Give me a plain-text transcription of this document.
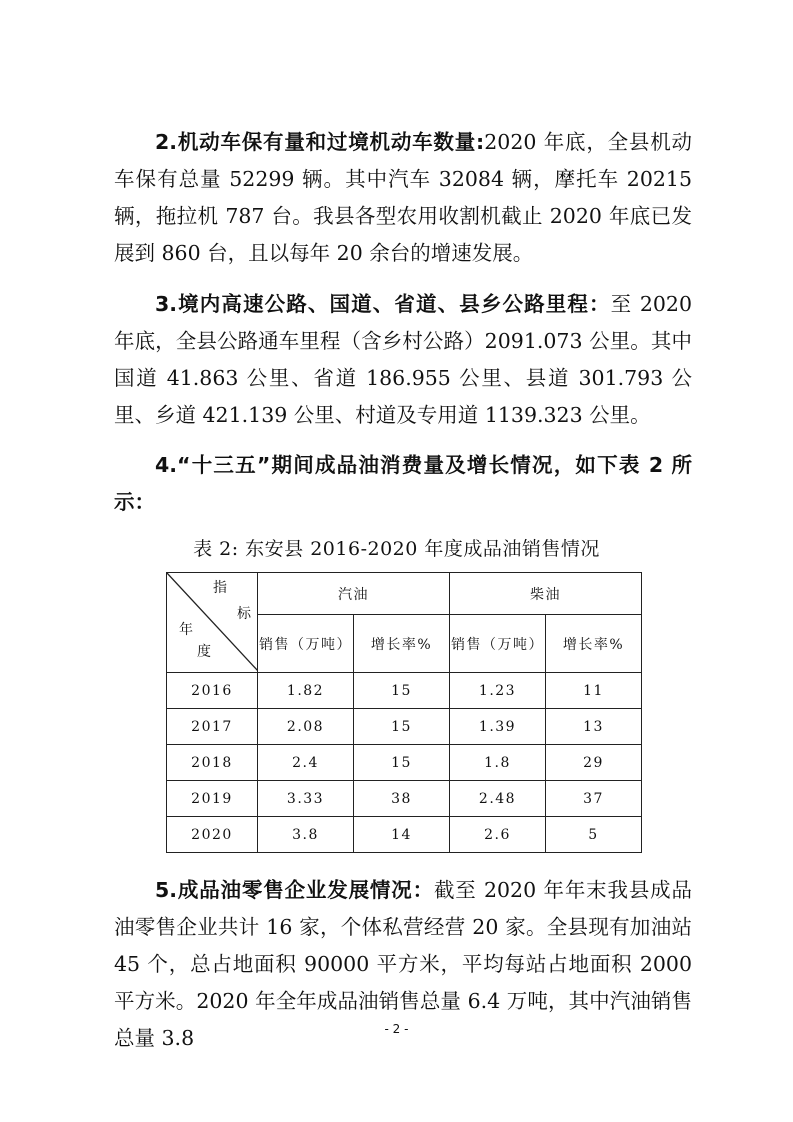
2.机动车保有量和过境机动车数量:2020 年底，全县机动车保有总量 52299 辆。其中汽车 32084 辆，摩托车 20215 辆，拖拉机 787 台。我县各型农用收割机截止 2020 年底已发展到 860 台，且以每年 20 余台的增速发展。

3.境内高速公路、国道、省道、县乡公路里程：至 2020 年底，全县公路通车里程（含乡村公路）2091.073 公里。其中国道 41.863 公里、省道 186.955 公里、县道 301.793 公里、乡道 421.139 公里、村道及专用道 1139.323 公里。

4.“十三五”期间成品油消费量及增长情况，如下表 2 所示：

表 2: 东安县 2016-2020 年度成品油销售情况
指
标
年
度	汽油		柴油	
	销售（万吨）	增长率%	销售（万吨）	增长率%
2016	1.82	15	1.23	11
2017	2.08	15	1.39	13
2018	2.4	15	1.8	29
2019	3.33	38	2.48	37
2020	3.8	14	2.6	5

5.成品油零售企业发展情况：截至 2020 年年末我县成品油零售企业共计 16 家，个体私营经营 20 家。全县现有加油站 45 个，总占地面积 90000 平方米，平均每站占地面积 2000 平方米。2020 年全年成品油销售总量 6.4 万吨，其中汽油销售总量 3.8	- 2 -
